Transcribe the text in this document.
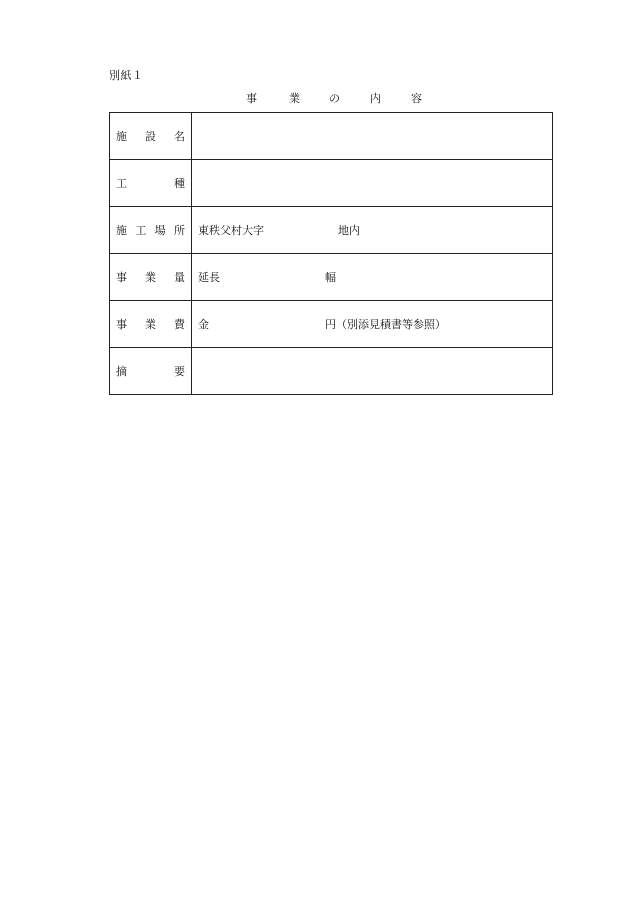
別紙１
事	業	の	内	容
施 設 名	

工 種	

施 工 場 所	東秩父村大字 地内

事 業 量	延長 幅

事 業 費	金 円（別添見積書等参照）

摘 要	
